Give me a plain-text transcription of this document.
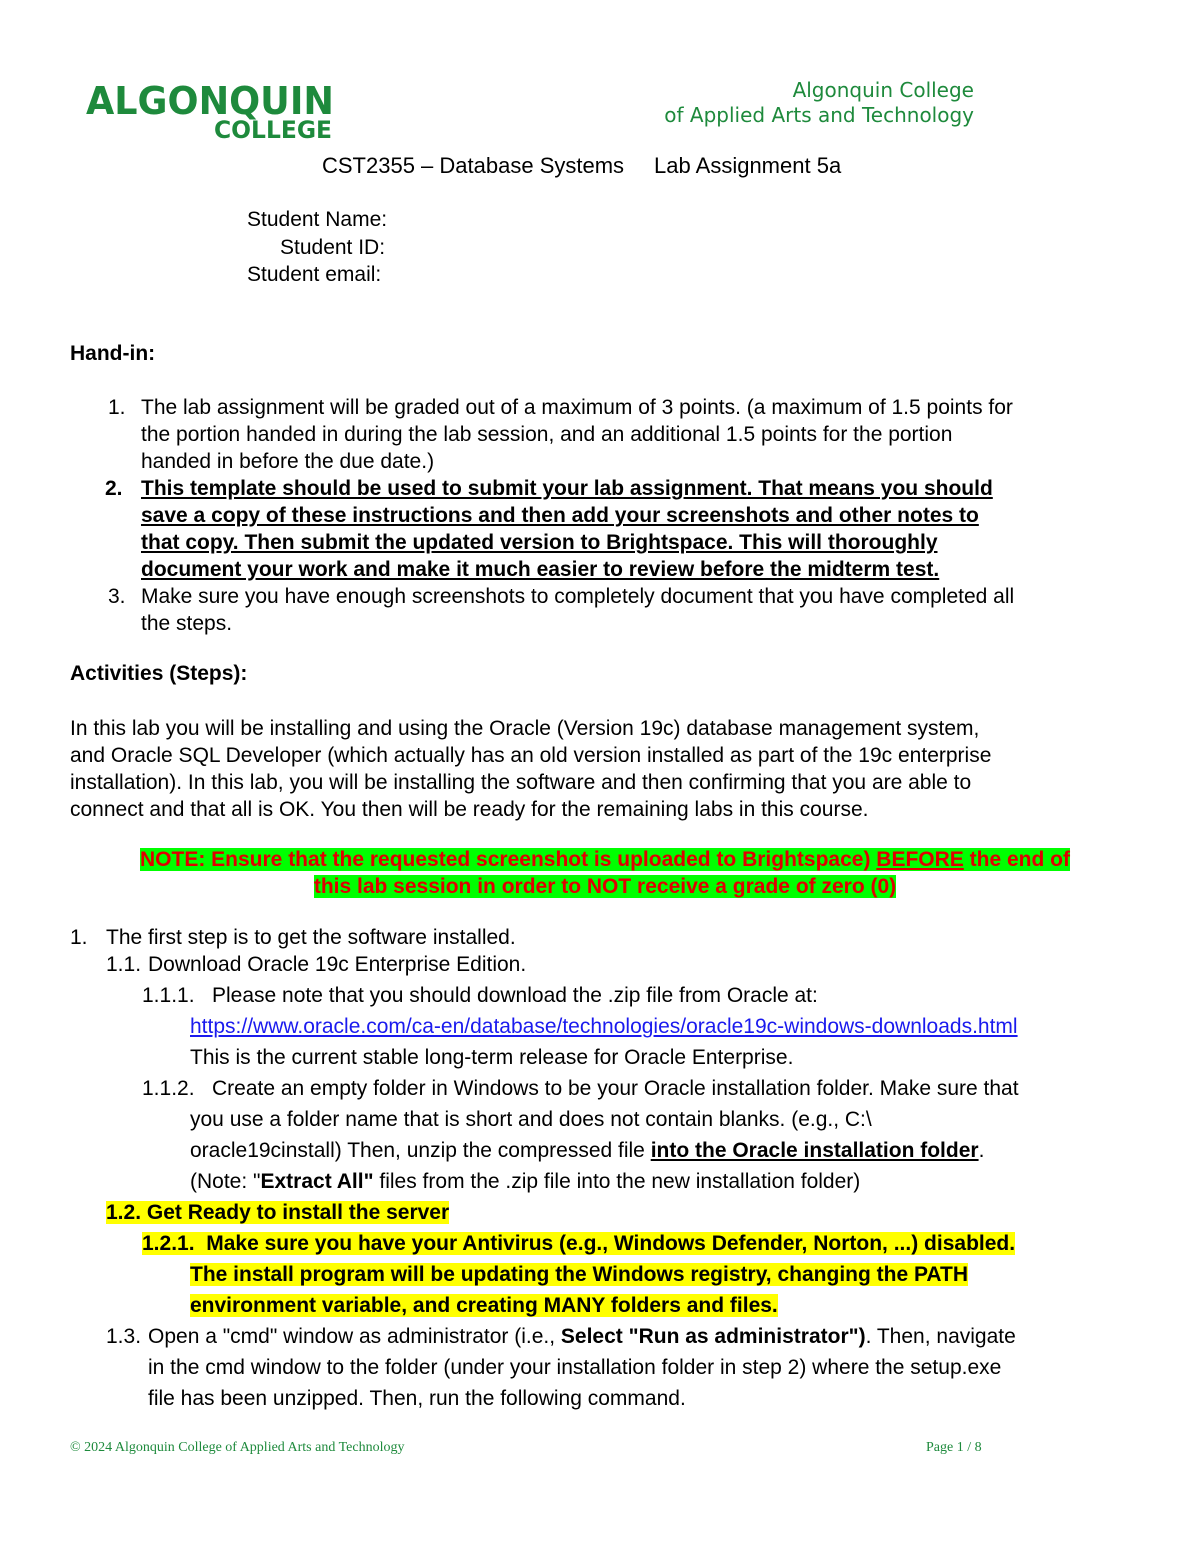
ALGONQUIN
COLLEGE
Algonquin College
of Applied Arts and Technology
CST2355 – Database Systems Lab Assignment 5a
Student Name:
Student ID:
Student email:
Hand-in:
1. The lab assignment will be graded out of a maximum of 3 points. (a maximum of 1.5 points for
the portion handed in during the lab session, and an additional 1.5 points for the portion
handed in before the due date.)
2. This template should be used to submit your lab assignment. That means you should
save a copy of these instructions and then add your screenshots and other notes to
that copy. Then submit the updated version to Brightspace. This will thoroughly
document your work and make it much easier to review before the midterm test.
3. Make sure you have enough screenshots to completely document that you have completed all
the steps.
Activities (Steps):
In this lab you will be installing and using the Oracle (Version 19c) database management system,
and Oracle SQL Developer (which actually has an old version installed as part of the 19c enterprise
installation). In this lab, you will be installing the software and then confirming that you are able to
connect and that all is OK. You then will be ready for the remaining labs in this course.
NOTE: Ensure that the requested screenshot is uploaded to Brightspace) BEFORE the end of
this lab session in order to NOT receive a grade of zero (0)
1. The first step is to get the software installed.
1.1. Download Oracle 19c Enterprise Edition.
1.1.1. Please note that you should download the .zip file from Oracle at:
https://www.oracle.com/ca-en/database/technologies/oracle19c-windows-downloads.html
This is the current stable long-term release for Oracle Enterprise.
1.1.2. Create an empty folder in Windows to be your Oracle installation folder. Make sure that
you use a folder name that is short and does not contain blanks. (e.g., C:\
oracle19cinstall) Then, unzip the compressed file into the Oracle installation folder.
(Note: "Extract All" files from the .zip file into the new installation folder)
1.2. Get Ready to install the server
1.2.1. Make sure you have your Antivirus (e.g., Windows Defender, Norton, ...) disabled.
The install program will be updating the Windows registry, changing the PATH
environment variable, and creating MANY folders and files.
1.3. Open a "cmd" window as administrator (i.e., Select "Run as administrator"). Then, navigate
in the cmd window to the folder (under your installation folder in step 2) where the setup.exe
file has been unzipped. Then, run the following command.
© 2024 Algonquin College of Applied Arts and Technology	Page 1 / 8
